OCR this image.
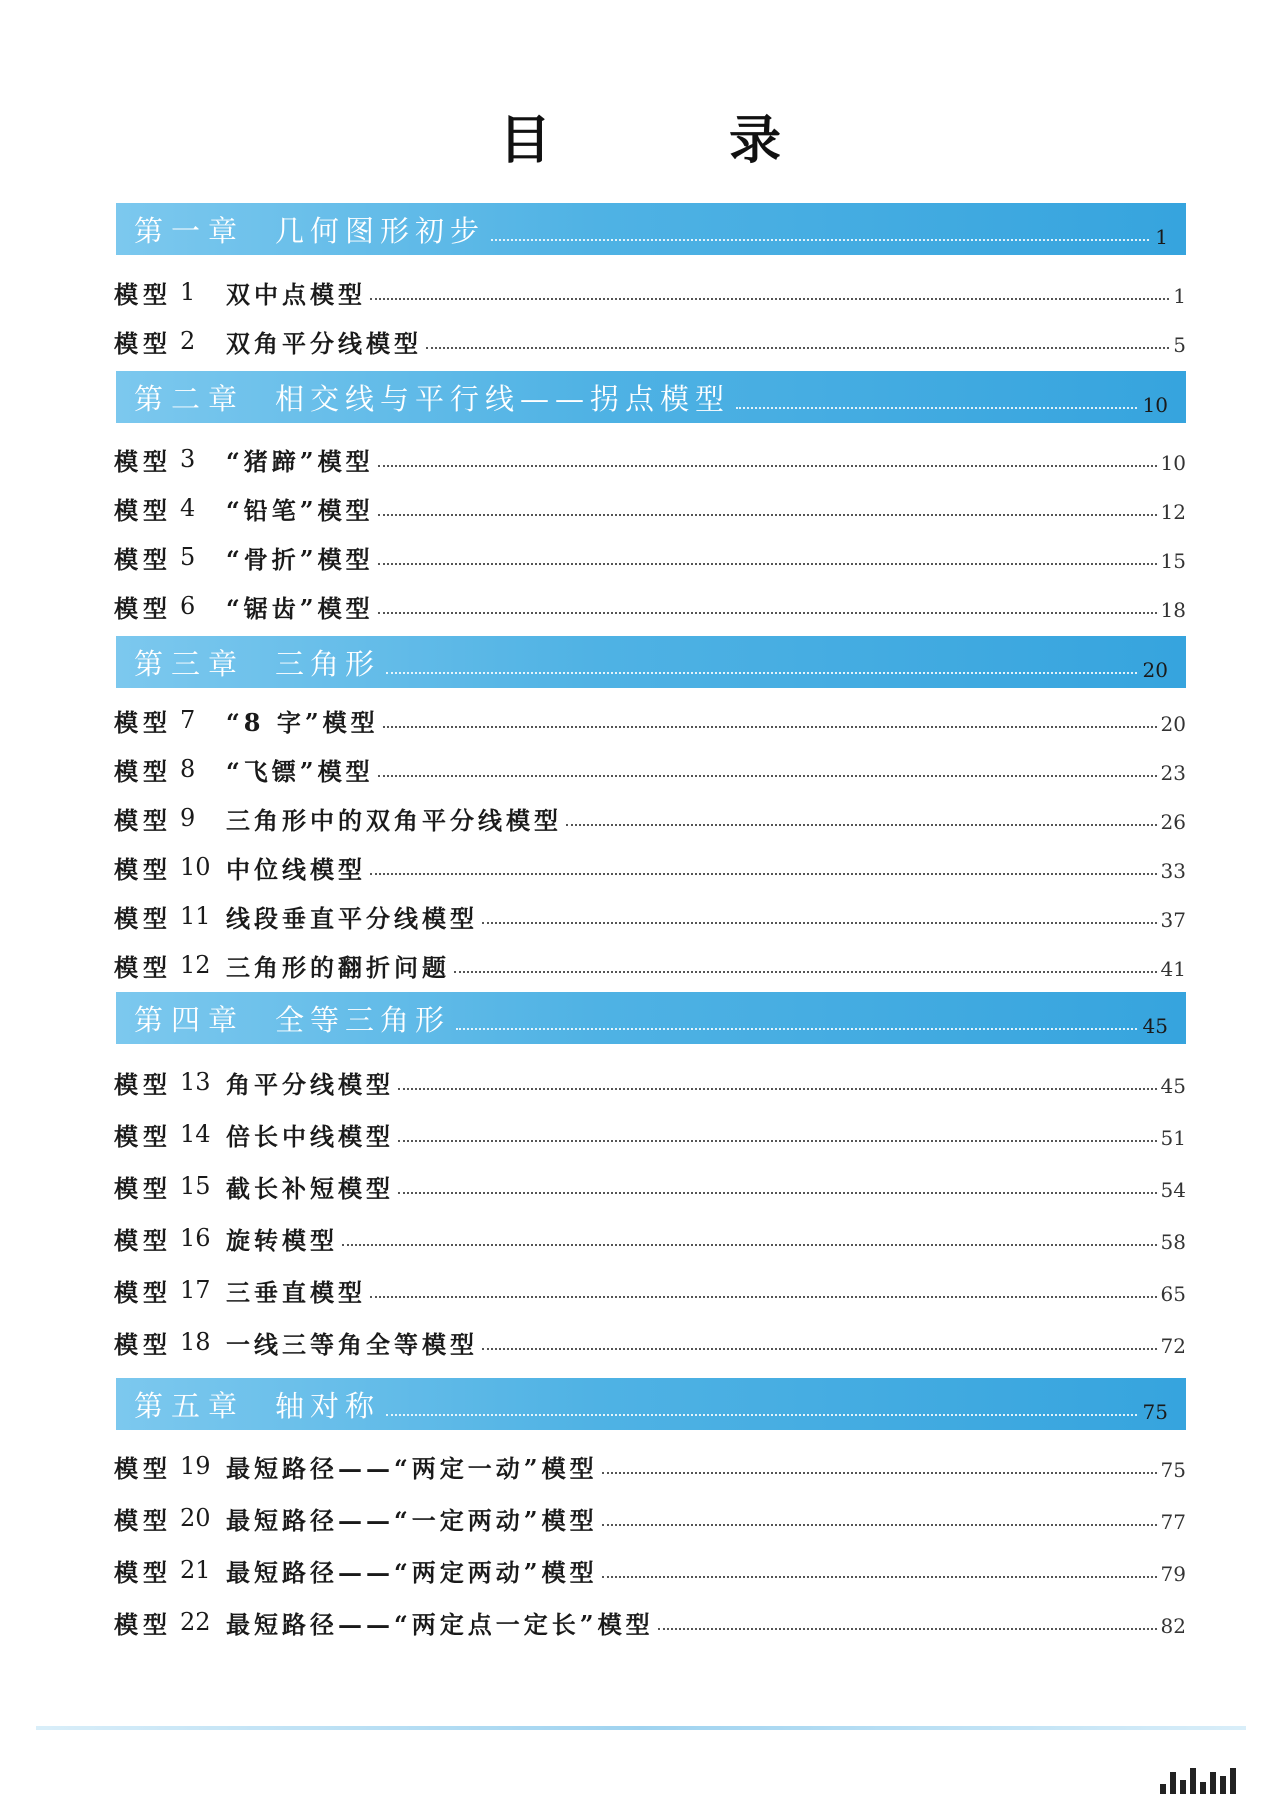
目 录
第一章 几何图形初步	1
模型 1	双中点模型	1
模型 2	双角平分线模型	5
第二章 相交线与平行线——拐点模型	10
模型 3	“猪蹄”模型	10
模型 4	“铅笔”模型	12
模型 5	“骨折”模型	15
模型 6	“锯齿”模型	18
第三章 三角形	20
模型 7	“8 字”模型	20
模型 8	“飞镖”模型	23
模型 9	三角形中的双角平分线模型	26
模型 10 中位线模型	33
模型 11 线段垂直平分线模型	37
模型 12 三角形的翻折问题	41
第四章 全等三角形	45
模型 13 角平分线模型	45
模型 14 倍长中线模型	51
模型 15 截长补短模型	54
模型 16 旋转模型	58
模型 17 三垂直模型	65
模型 18 一线三等角全等模型	72
第五章 轴对称	75
模型 19 最短路径——“两定一动”模型	75
模型 20 最短路径——“一定两动”模型	77
模型 21 最短路径——“两定两动”模型	79
模型 22 最短路径——“两定点一定长”模型	82
